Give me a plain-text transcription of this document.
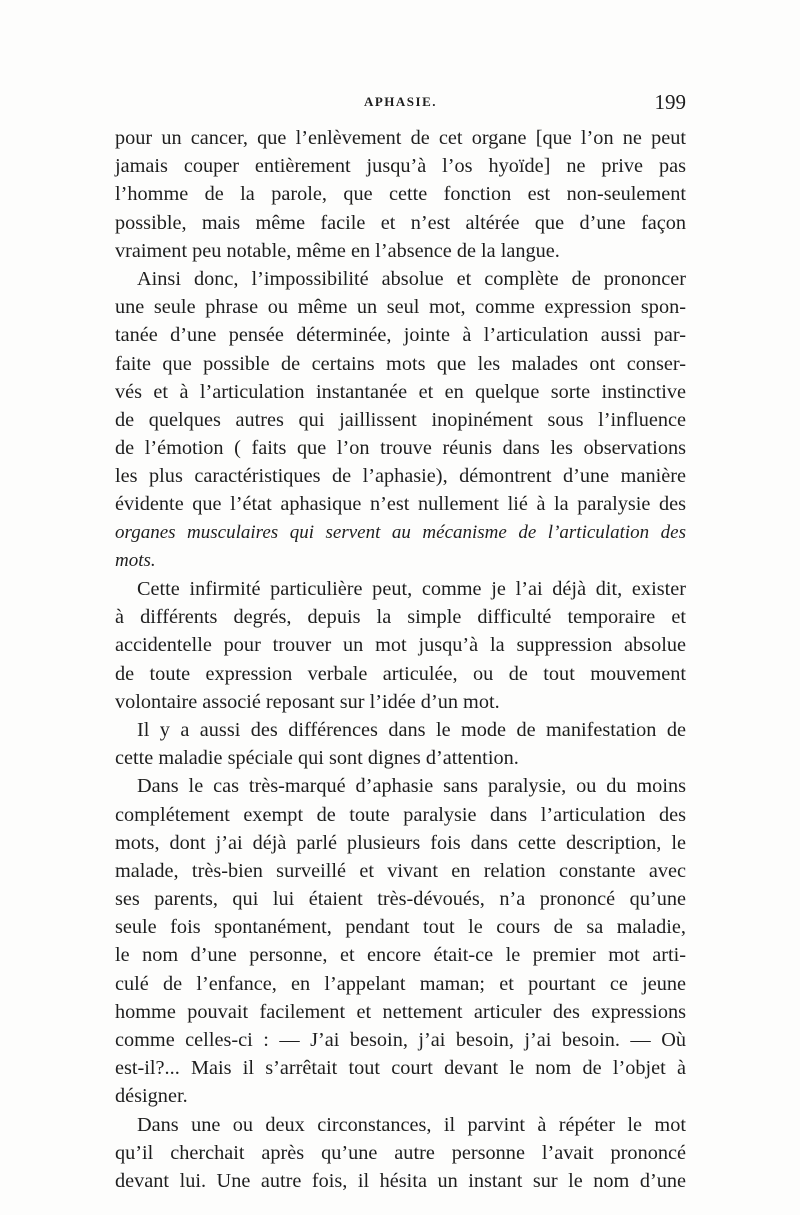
APHASIE.	199
pour un cancer, que l’enlèvement de cet organe [que l’on ne peut
jamais couper entièrement jusqu’à l’os hyoïde] ne prive pas
l’homme de la parole, que cette fonction est non-seulement
possible, mais même facile et n’est altérée que d’une façon
vraiment peu notable, même en l’absence de la langue.
Ainsi donc, l’impossibilité absolue et complète de prononcer
une seule phrase ou même un seul mot, comme expression spon-
tanée d’une pensée déterminée, jointe à l’articulation aussi par-
faite que possible de certains mots que les malades ont conser-
vés et à l’articulation instantanée et en quelque sorte instinctive
de quelques autres qui jaillissent inopinément sous l’influence
de l’émotion ( faits que l’on trouve réunis dans les observations
les plus caractéristiques de l’aphasie), démontrent d’une manière
évidente que l’état aphasique n’est nullement lié à la paralysie des
organes musculaires qui servent au mécanisme de l’articulation des
mots.
Cette infirmité particulière peut, comme je l’ai déjà dit, exister
à différents degrés, depuis la simple difficulté temporaire et
accidentelle pour trouver un mot jusqu’à la suppression absolue
de toute expression verbale articulée, ou de tout mouvement
volontaire associé reposant sur l’idée d’un mot.
Il y a aussi des différences dans le mode de manifestation de
cette maladie spéciale qui sont dignes d’attention.
Dans le cas très-marqué d’aphasie sans paralysie, ou du moins
complétement exempt de toute paralysie dans l’articulation des
mots, dont j’ai déjà parlé plusieurs fois dans cette description, le
malade, très-bien surveillé et vivant en relation constante avec
ses parents, qui lui étaient très-dévoués, n’a prononcé qu’une
seule fois spontanément, pendant tout le cours de sa maladie,
le nom d’une personne, et encore était-ce le premier mot arti-
culé de l’enfance, en l’appelant maman; et pourtant ce jeune
homme pouvait facilement et nettement articuler des expressions
comme celles-ci : — J’ai besoin, j’ai besoin, j’ai besoin. — Où
est-il?... Mais il s’arrêtait tout court devant le nom de l’objet à
désigner.
Dans une ou deux circonstances, il parvint à répéter le mot
qu’il cherchait après qu’une autre personne l’avait prononcé
devant lui. Une autre fois, il hésita un instant sur le nom d’une
